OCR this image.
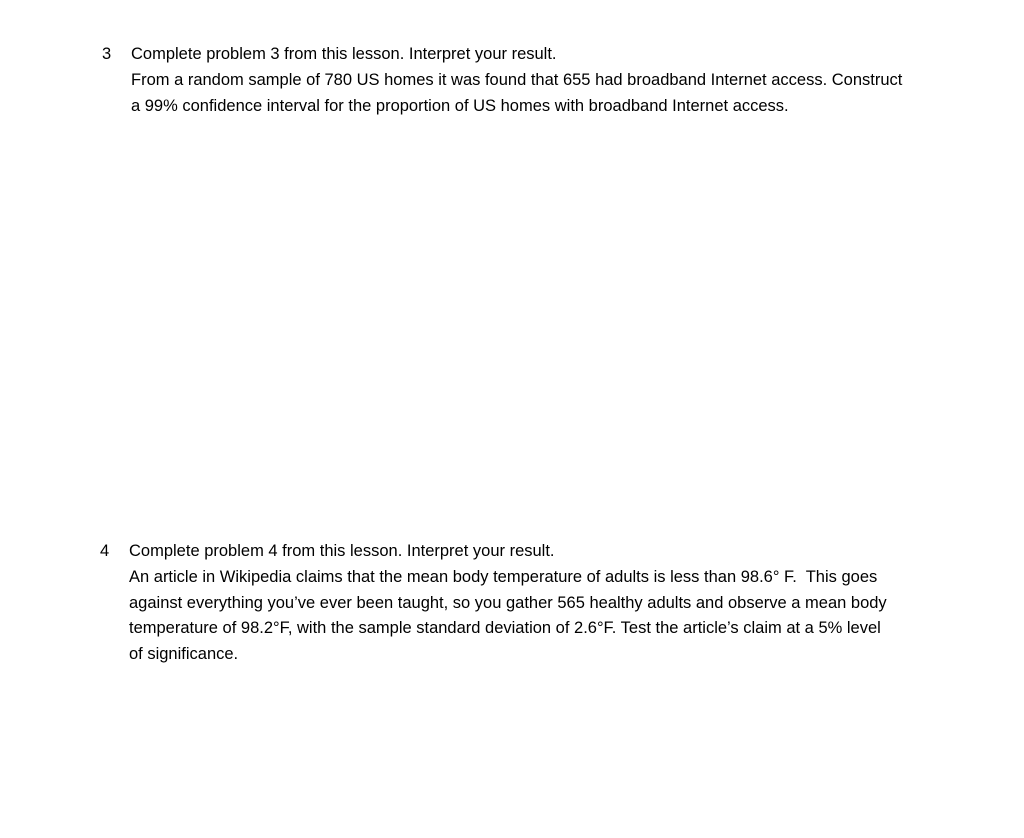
3	Complete problem 3 from this lesson. Interpret your result.
From a random sample of 780 US homes it was found that 655 had broadband Internet access. Construct
a 99% confidence interval for the proportion of US homes with broadband Internet access.
4	Complete problem 4 from this lesson. Interpret your result.
An article in Wikipedia claims that the mean body temperature of adults is less than 98.6° F.  This goes
against everything you’ve ever been taught, so you gather 565 healthy adults and observe a mean body
temperature of 98.2°F, with the sample standard deviation of 2.6°F. Test the article’s claim at a 5% level
of significance.
